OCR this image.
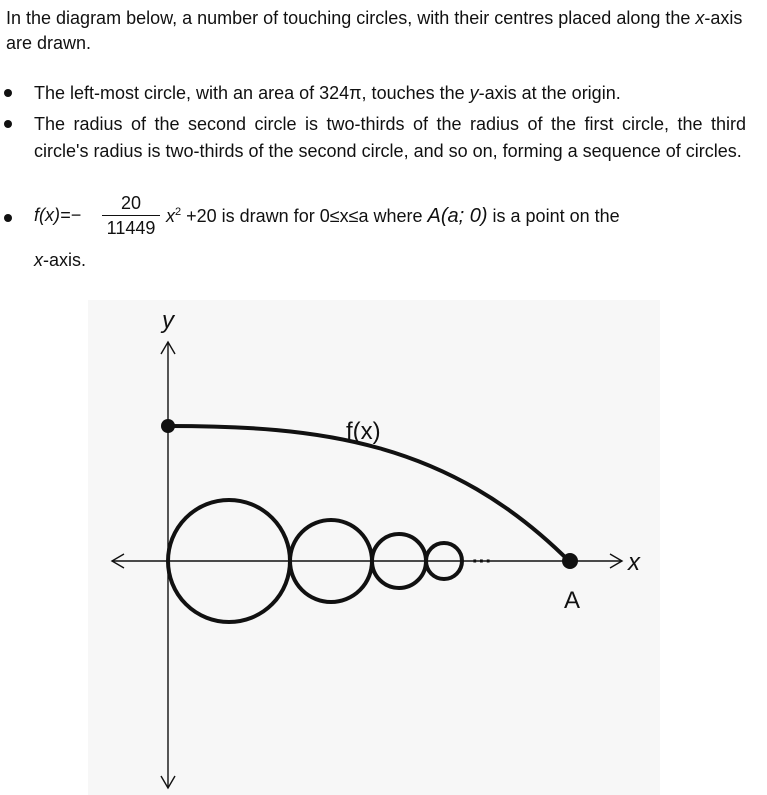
In the diagram below, a number of touching circles, with their centres placed along the x-axis are drawn.

The left-most circle, with an area of 324π, touches the y-axis at the origin.
The radius of the second circle is two-thirds of the radius of the first circle, the third circle's radius is two-thirds of the second circle, and so on, forming a sequence of circles.
f(x)=−
20
11449
$x^2 +20$ is drawn for 0≤x≤a where A(a; 0) is a point on the
x-axis.
y
x
···
f(x)
A
